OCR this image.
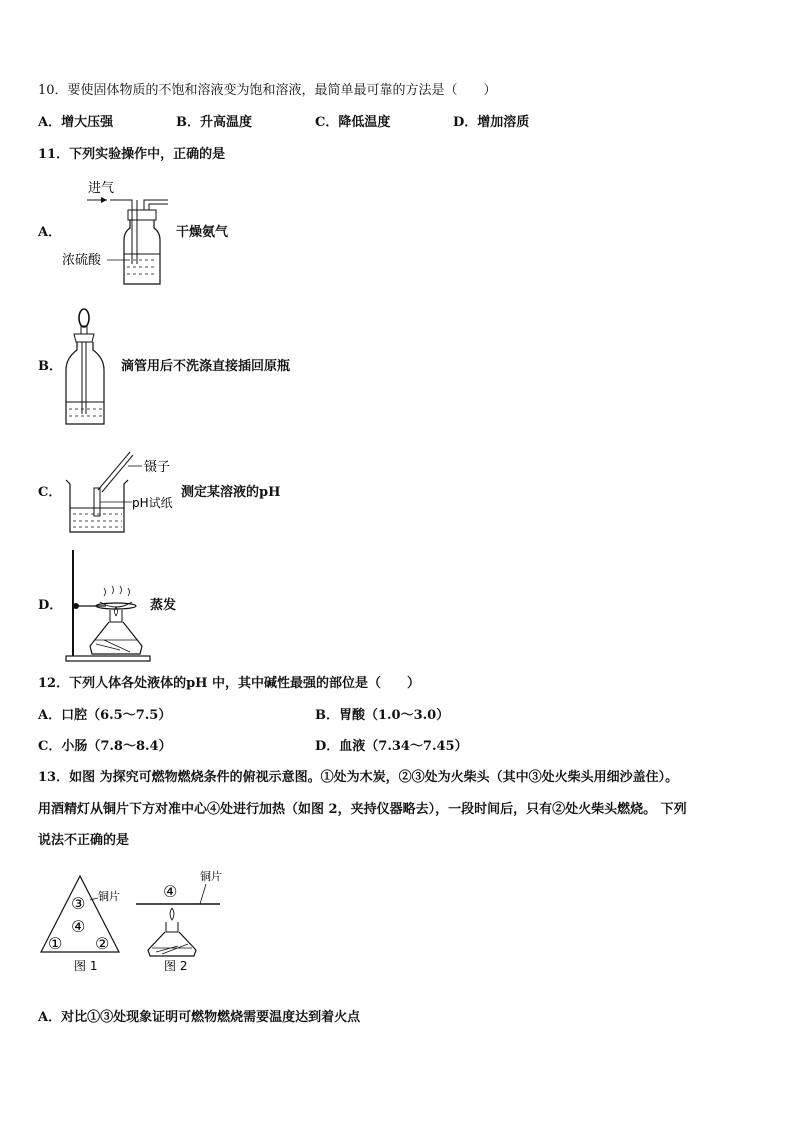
10．要使固体物质的不饱和溶液变为饱和溶液，最简单最可靠的方法是（　　）
A．增大压强	B．升高温度	C．降低温度	D．增加溶质
11．下列实验操作中，正确的是
A．
进气
浓硫酸
干燥氨气
B．	滴管用后不洗涤直接插回原瓶
C．
镊子
pH试纸
测定某溶液的pH
D．	蒸发
12．下列人体各处液体的pH 中，其中碱性最强的部位是（　　）
A．口腔（6.5～7.5）	B．胃酸（1.0～3.0）
C．小肠（7.8～8.4）	D．血液（7.34～7.45）
13．如图 为探究可燃物燃烧条件的俯视示意图。①处为木炭，②③处为火柴头（其中③处火柴头用细沙盖住）。
用酒精灯从铜片下方对准中心④处进行加热（如图 2，夹持仪器略去），一段时间后，只有②处火柴头燃烧。 下列
说法不正确的是
③
④
① ②
铜片
图 1
④
铜片
图 2
A．对比①③处现象证明可燃物燃烧需要温度达到着火点
